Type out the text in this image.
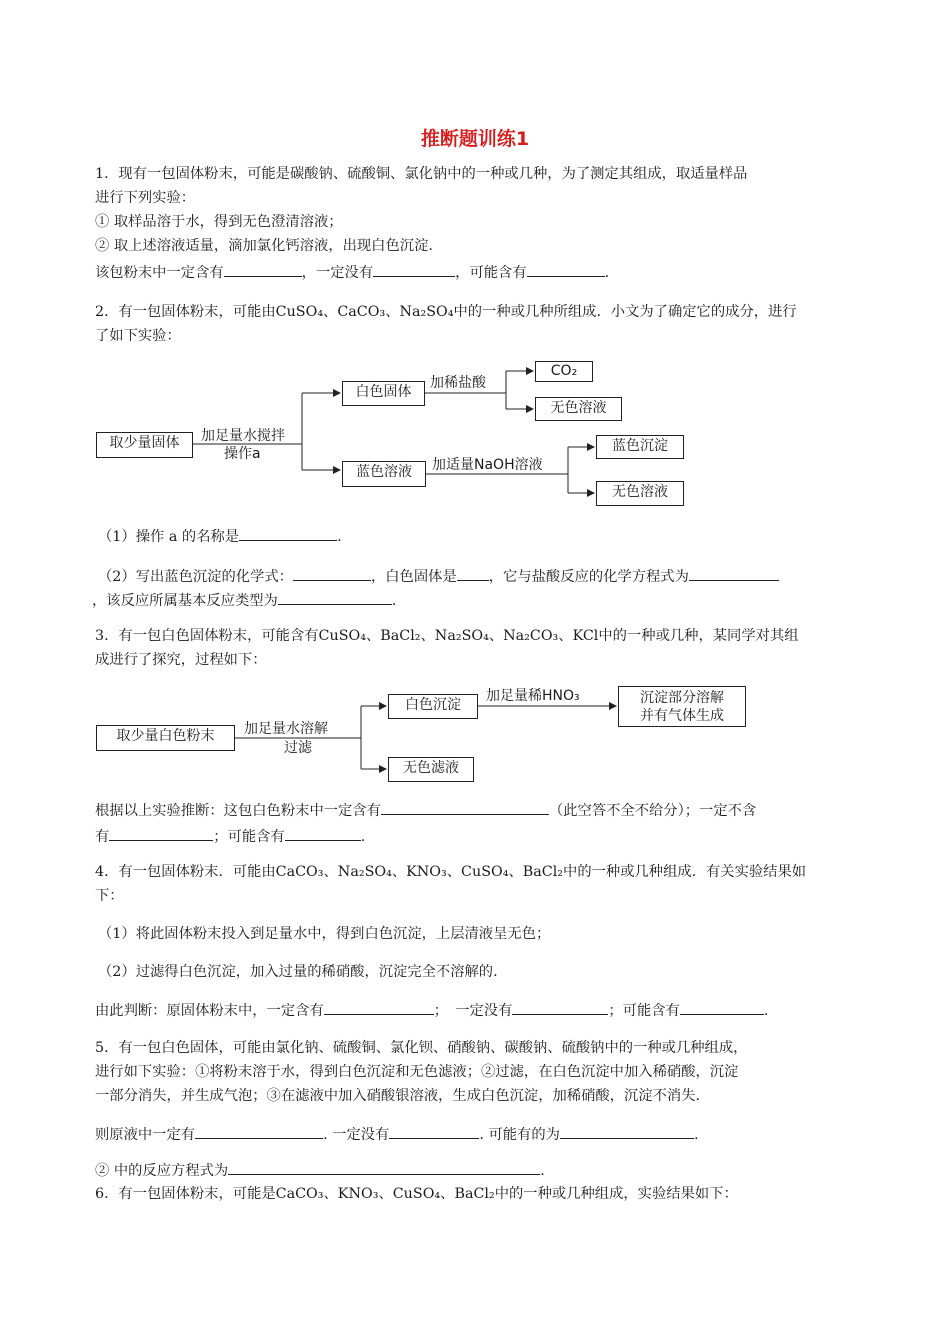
推断题训练1
1．现有一包固体粉末，可能是碳酸钠、硫酸铜、氯化钠中的一种或几种，为了测定其组成，取适量样品
进行下列实验：
① 取样品溶于水，得到无色澄清溶液；
② 取上述溶液适量，滴加氯化钙溶液，出现白色沉淀.
该包粉末中一定含有	，一定没有	，可能含有	.
2．有一包固体粉末，可能由CuSO₄、CaCO₃、Na₂SO₄中的一种或几种所组成．小文为了确定它的成分，进行
了如下实验：
取少量固体	加足量水搅拌
操作a
白色固体
加稀盐酸
CO₂
无色溶液
蓝色溶液	加适量NaOH溶液
蓝色沉淀
无色溶液
（1）操作 a 的名称是	.
（2）写出蓝色沉淀的化学式：	，白色固体是 ，它与盐酸反应的化学方程式为
，该反应所属基本反应类型为	.
3．有一包白色固体粉末，可能含有CuSO₄、BaCl₂、Na₂SO₄、Na₂CO₃、KCl中的一种或几种，某同学对其组
成进行了探究，过程如下：
取少量白色粉末	加足量水溶解
过滤
白色沉淀
加足量稀HNO₃	沉淀部分溶解
并有气体生成
无色滤液
根据以上实验推断：这包白色粉末中一定含有	（此空答不全不给分）；一定不含
有	；可能含有	.
4．有一包固体粉末．可能由CaCO₃、Na₂SO₄、KNO₃、CuSO₄、BaCl₂中的一种或几种组成．有关实验结果如
下：
（1）将此固体粉末投入到足量水中，得到白色沉淀，上层清液呈无色；
（2）过滤得白色沉淀，加入过量的稀硝酸，沉淀完全不溶解的.
由此判断：原固体粉末中，一定含有	；　一定没有	；可能含有	.
5．有一包白色固体，可能由氯化钠、硫酸铜、氯化钡、硝酸钠、碳酸钠、硫酸钠中的一种或几种组成，
进行如下实验：①将粉末溶于水，得到白色沉淀和无色滤液；②过滤，在白色沉淀中加入稀硝酸，沉淀
一部分消失，并生成气泡；③在滤液中加入硝酸银溶液，生成白色沉淀，加稀硝酸，沉淀不消失.
则原液中一定有	. 一定没有	. 可能有的为	.
② 中的反应方程式为	.
6．有一包固体粉末，可能是CaCO₃、KNO₃、CuSO₄、BaCl₂中的一种或几种组成，实验结果如下：
